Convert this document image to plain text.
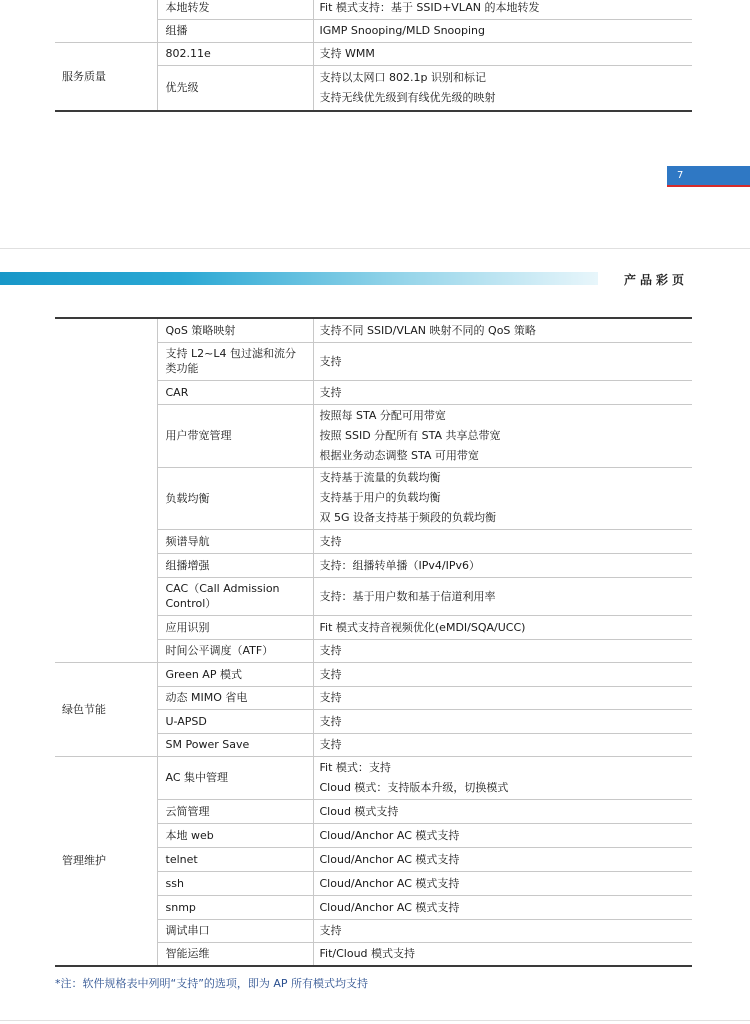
	本地转发	Fit 模式支持：基于 SSID+VLAN 的本地转发
	组播	IGMP Snooping/MLD Snooping
服务质量	802.11e	支持 WMM
	优先级	支持以太网口 802.1p 识别和标记
支持无线优先级到有线优先级的映射
7
产品彩页
	QoS 策略映射	支持不同 SSID/VLAN 映射不同的 QoS 策略
	支持 L2~L4 包过滤和流分类功能	支持
	CAR	支持
	用户带宽管理	按照每 STA 分配可用带宽
按照 SSID 分配所有 STA 共享总带宽
根据业务动态调整 STA 可用带宽

	负载均衡	支持基于流量的负载均衡
支持基于用户的负载均衡
双 5G 设备支持基于频段的负载均衡

	频谱导航	支持
	组播增强	支持：组播转单播（IPv4/IPv6）
	CAC（Call Admission Control）	支持：基于用户数和基于信道利用率
	应用识别	Fit 模式支持音视频优化(eMDI/SQA/UCC)
	时间公平调度（ATF）	支持
绿色节能	Green AP 模式	支持
	动态 MIMO 省电	支持
	U-APSD	支持
	SM Power Save	支持
管理维护	AC 集中管理	Fit 模式：支持
Cloud 模式：支持版本升级，切换模式

	云简管理	Cloud 模式支持
	本地 web	Cloud/Anchor AC 模式支持
	telnet	Cloud/Anchor AC 模式支持
	ssh	Cloud/Anchor AC 模式支持
	snmp	Cloud/Anchor AC 模式支持
	调试串口	支持
	智能运维	Fit/Cloud 模式支持
*注：软件规格表中列明“支持”的选项，即为 AP 所有模式均支持
